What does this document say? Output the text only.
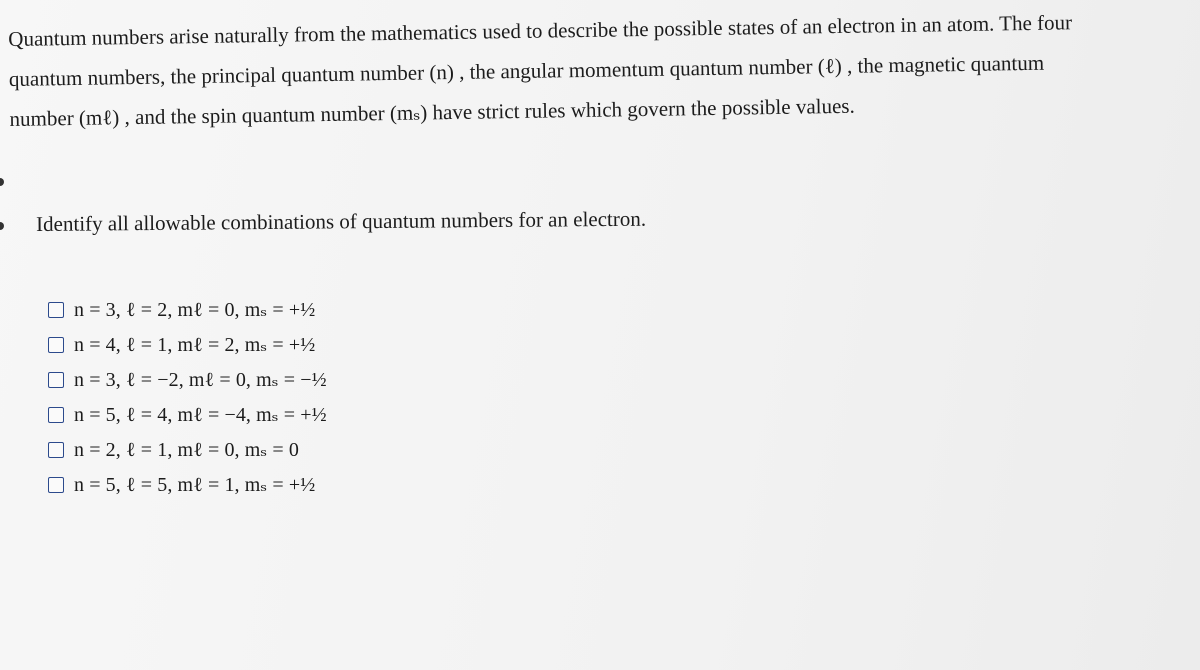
Quantum numbers arise naturally from the mathematics used to describe the possible states of an electron in an atom. The four
quantum numbers, the principal quantum number (n) , the angular momentum quantum number (ℓ) , the magnetic quantum
number (mℓ) , and the spin quantum number (mₛ) have strict rules which govern the possible values.
Identify all allowable combinations of quantum numbers for an electron.
n = 3, ℓ = 2, mℓ = 0, mₛ = +½
n = 4, ℓ = 1, mℓ = 2, mₛ = +½
n = 3, ℓ = −2, mℓ = 0, mₛ = −½
n = 5, ℓ = 4, mℓ = −4, mₛ = +½
n = 2, ℓ = 1, mℓ = 0, mₛ = 0
n = 5, ℓ = 5, mℓ = 1, mₛ = +½
